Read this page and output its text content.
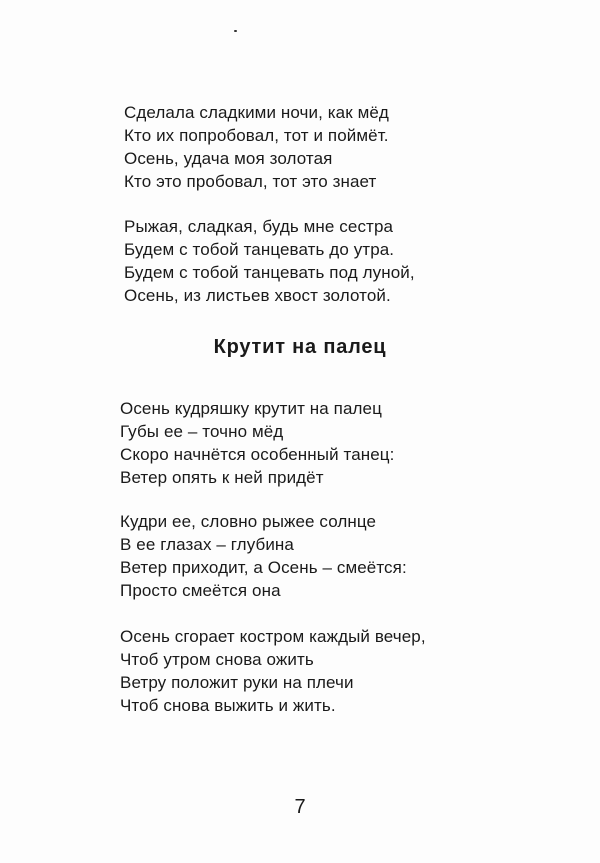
Сделала сладкими ночи, как мёд
Кто их попробовал, тот и поймёт.
Осень, удача моя золотая
Кто это пробовал, тот это знает
Рыжая, сладкая, будь мне сестра
Будем с тобой танцевать до утра.
Будем с тобой танцевать под луной,
Осень, из листьев хвост золотой.
Крутит на палец
Осень кудряшку крутит на палец
Губы ее – точно мёд
Скоро начнётся особенный танец:
Ветер опять к ней придёт
Кудри ее, словно рыжее солнце
В ее глазах – глубина
Ветер приходит, а Осень – смеётся:
Просто смеётся она
Осень сгорает костром каждый вечер,
Чтоб утром снова ожить
Ветру положит руки на плечи
Чтоб снова выжить и жить.

7
